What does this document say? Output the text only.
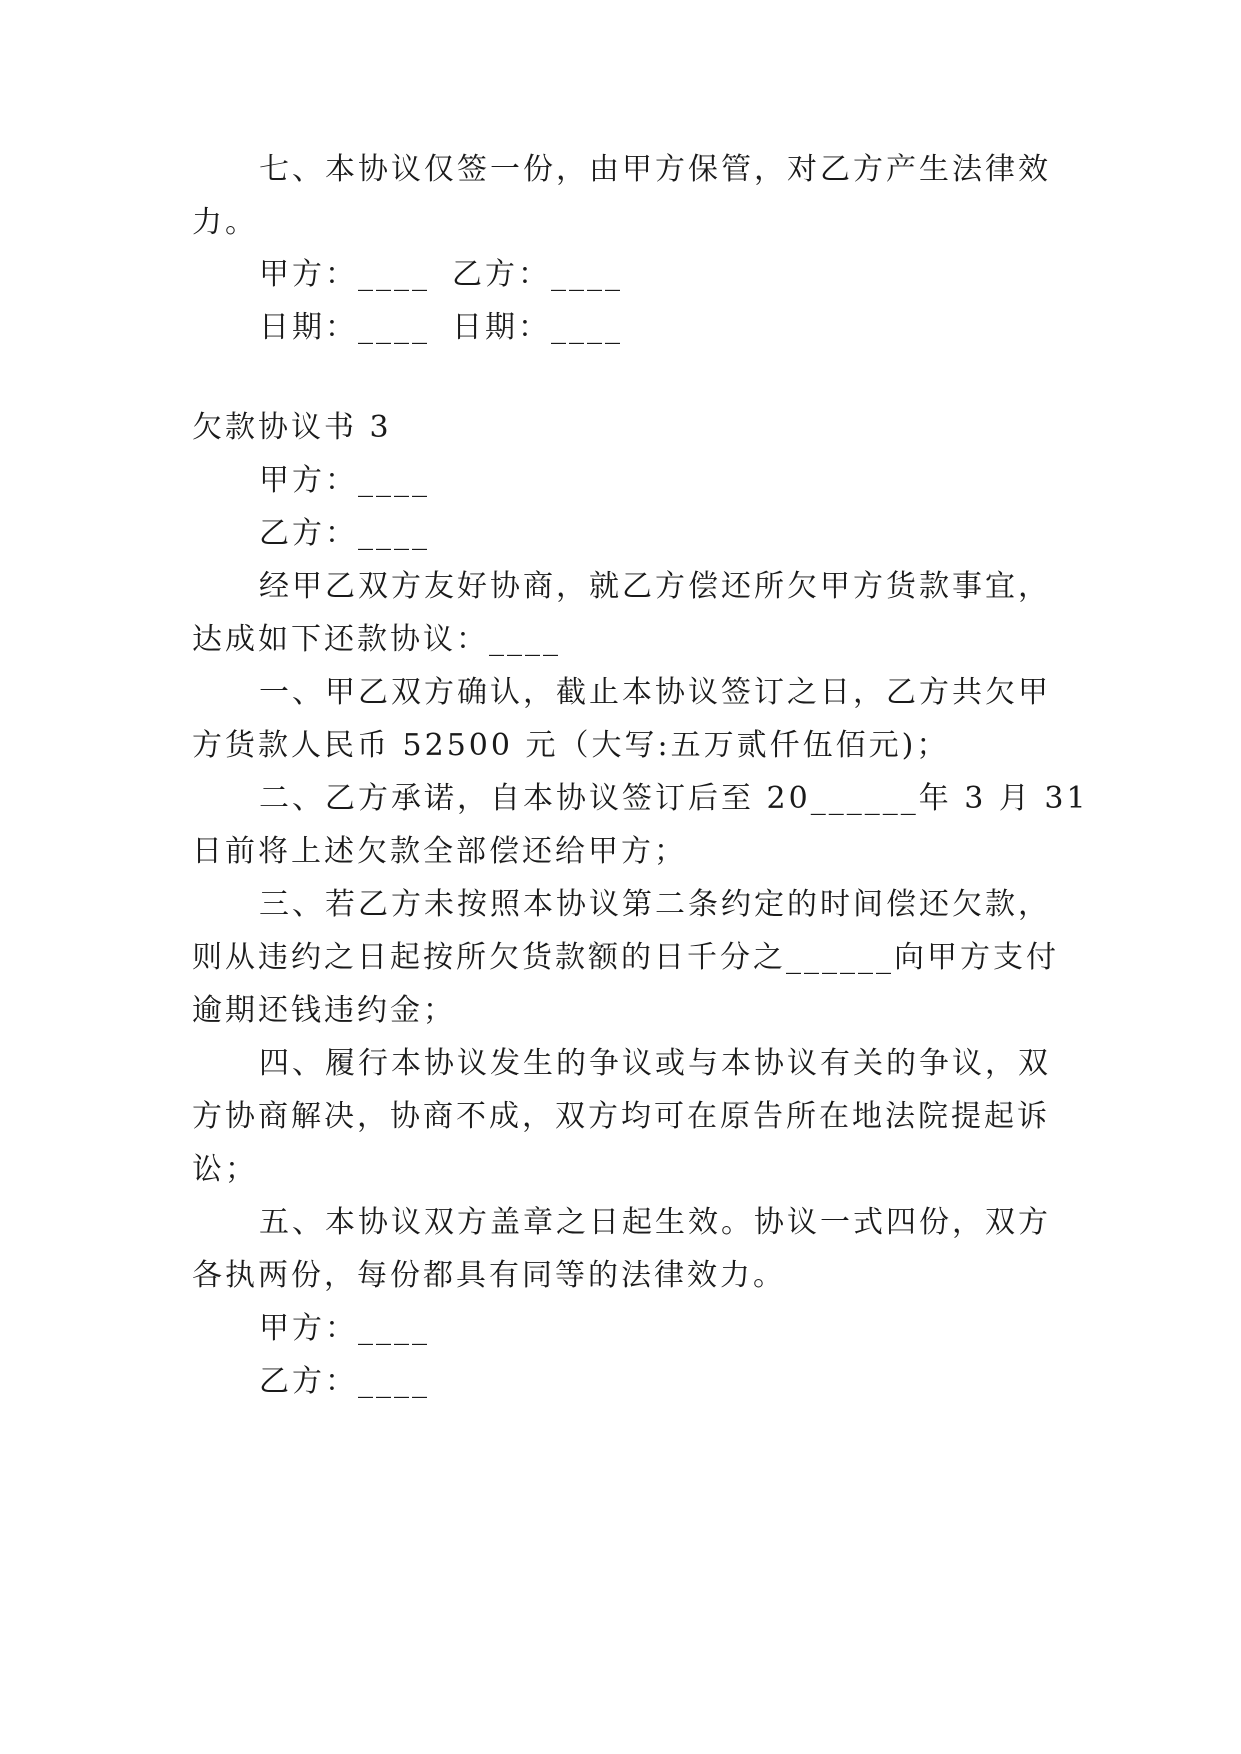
七、本协议仅签一份，由甲方保管，对乙方产生法律效
力。
甲方：____ 乙方：____
日期：____ 日期：____
欠款协议书 3
甲方：____
乙方：____
经甲乙双方友好协商，就乙方偿还所欠甲方货款事宜，
达成如下还款协议：____
一、甲乙双方确认，截止本协议签订之日，乙方共欠甲
方货款人民币 52500 元（大写:五万贰仟伍佰元)；
二、乙方承诺，自本协议签订后至 20______年 3 月 31
日前将上述欠款全部偿还给甲方；
三、若乙方未按照本协议第二条约定的时间偿还欠款，
则从违约之日起按所欠货款额的日千分之______向甲方支付
逾期还钱违约金；
四、履行本协议发生的争议或与本协议有关的争议，双
方协商解决，协商不成，双方均可在原告所在地法院提起诉
讼；
五、本协议双方盖章之日起生效。协议一式四份，双方
各执两份，每份都具有同等的法律效力。
甲方：____
乙方：____
